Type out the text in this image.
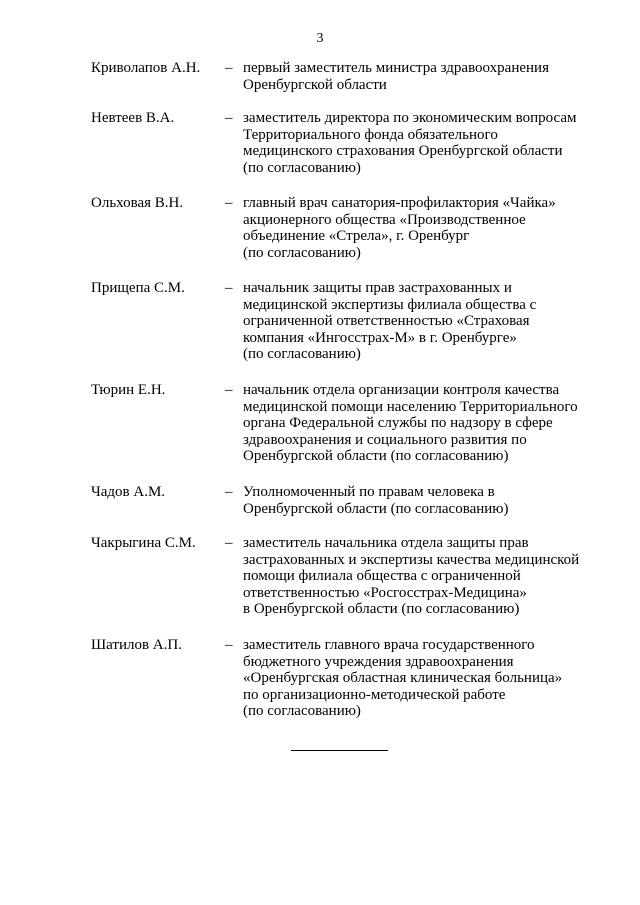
3
Криволапов А.Н. – первый заместитель министра здравоохранения
Оренбургской области
Невтеев В.А.	– заместитель директора по экономическим вопросам
Территориального фонда обязательного
медицинского страхования Оренбургской области
(по согласованию)
Ольховая В.Н.	– главный врач санатория-профилактория «Чайка»
акционерного общества «Производственное
объединение «Стрела», г. Оренбург
(по согласованию)
Прищепа С.М.	– начальник защиты прав застрахованных и
медицинской экспертизы филиала общества с
ограниченной ответственностью «Страховая
компания «Ингосстрах-М» в г. Оренбурге»
(по согласованию)
Тюрин Е.Н.	– начальник отдела организации контроля качества
медицинской помощи населению Территориального
органа Федеральной службы по надзору в сфере
здравоохранения и социального развития по
Оренбургской области (по согласованию)
Чадов А.М.	– Уполномоченный по правам человека в
Оренбургской области (по согласованию)
Чакрыгина С.М. – заместитель начальника отдела защиты прав
застрахованных и экспертизы качества медицинской
помощи филиала общества с ограниченной
ответственностью «Росгосстрах-Медицина»
в Оренбургской области (по согласованию)
Шатилов А.П.	– заместитель главного врача государственного
бюджетного учреждения здравоохранения
«Оренбургская областная клиническая больница»
по организационно-методической работе
(по согласованию)
